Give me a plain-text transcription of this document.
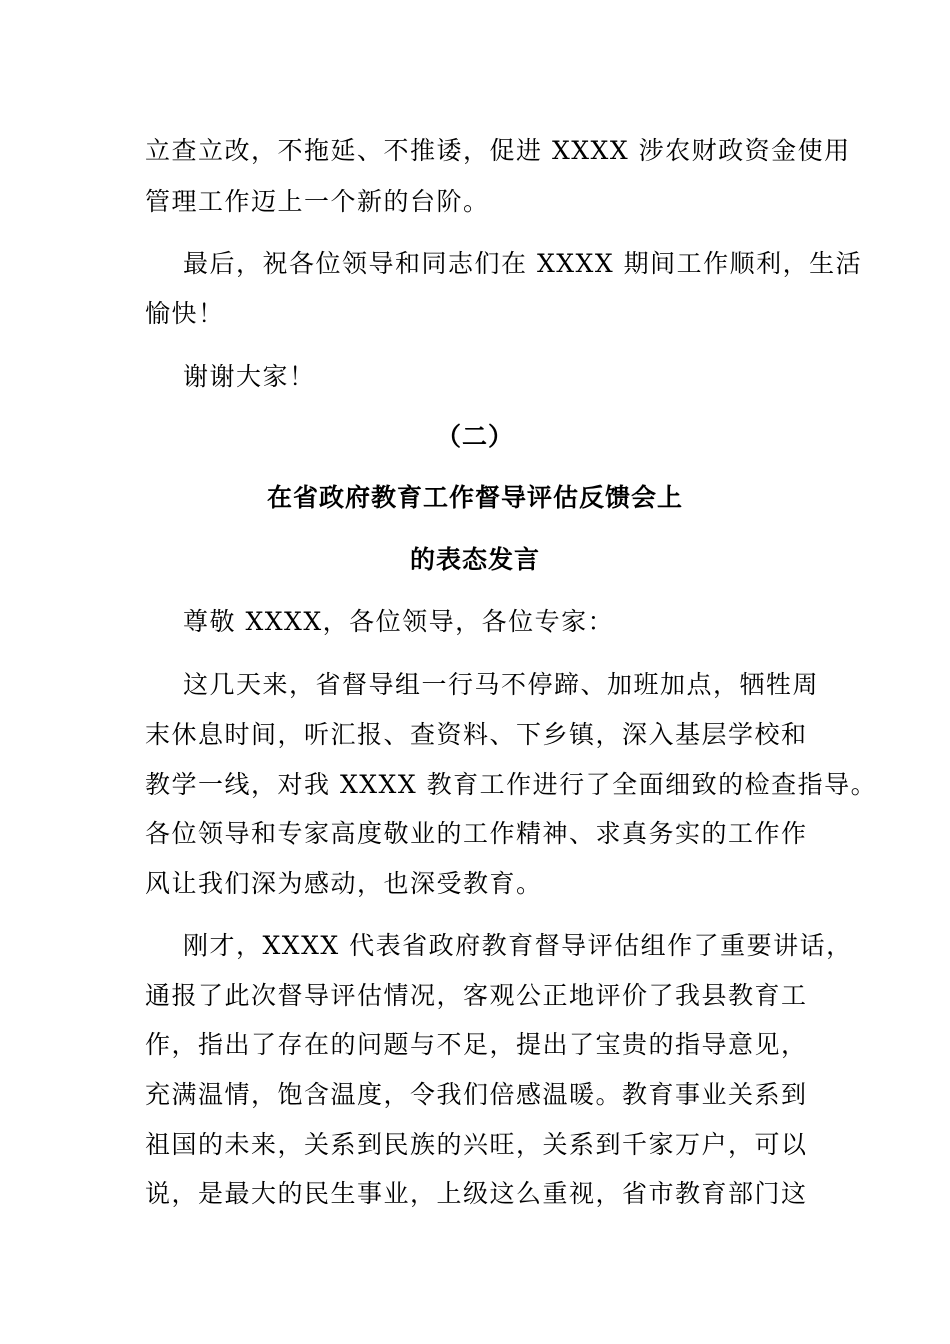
立查立改，不拖延、不推诿，促进 XXXX 涉农财政资金使用
管理工作迈上一个新的台阶。
最后，祝各位领导和同志们在 XXXX 期间工作顺利，生活
愉快！
谢谢大家！
（二）
在省政府教育工作督导评估反馈会上
的表态发言
尊敬 XXXX，各位领导，各位专家：
这几天来，省督导组一行马不停蹄、加班加点，牺牲周
末休息时间，听汇报、查资料、下乡镇，深入基层学校和
教学一线，对我 XXXX 教育工作进行了全面细致的检查指导。
各位领导和专家高度敬业的工作精神、求真务实的工作作
风让我们深为感动，也深受教育。
刚才，XXXX 代表省政府教育督导评估组作了重要讲话，
通报了此次督导评估情况，客观公正地评价了我县教育工
作，指出了存在的问题与不足，提出了宝贵的指导意见，
充满温情，饱含温度，令我们倍感温暖。教育事业关系到
祖国的未来，关系到民族的兴旺，关系到千家万户，可以
说，是最大的民生事业，上级这么重视，省市教育部门这
